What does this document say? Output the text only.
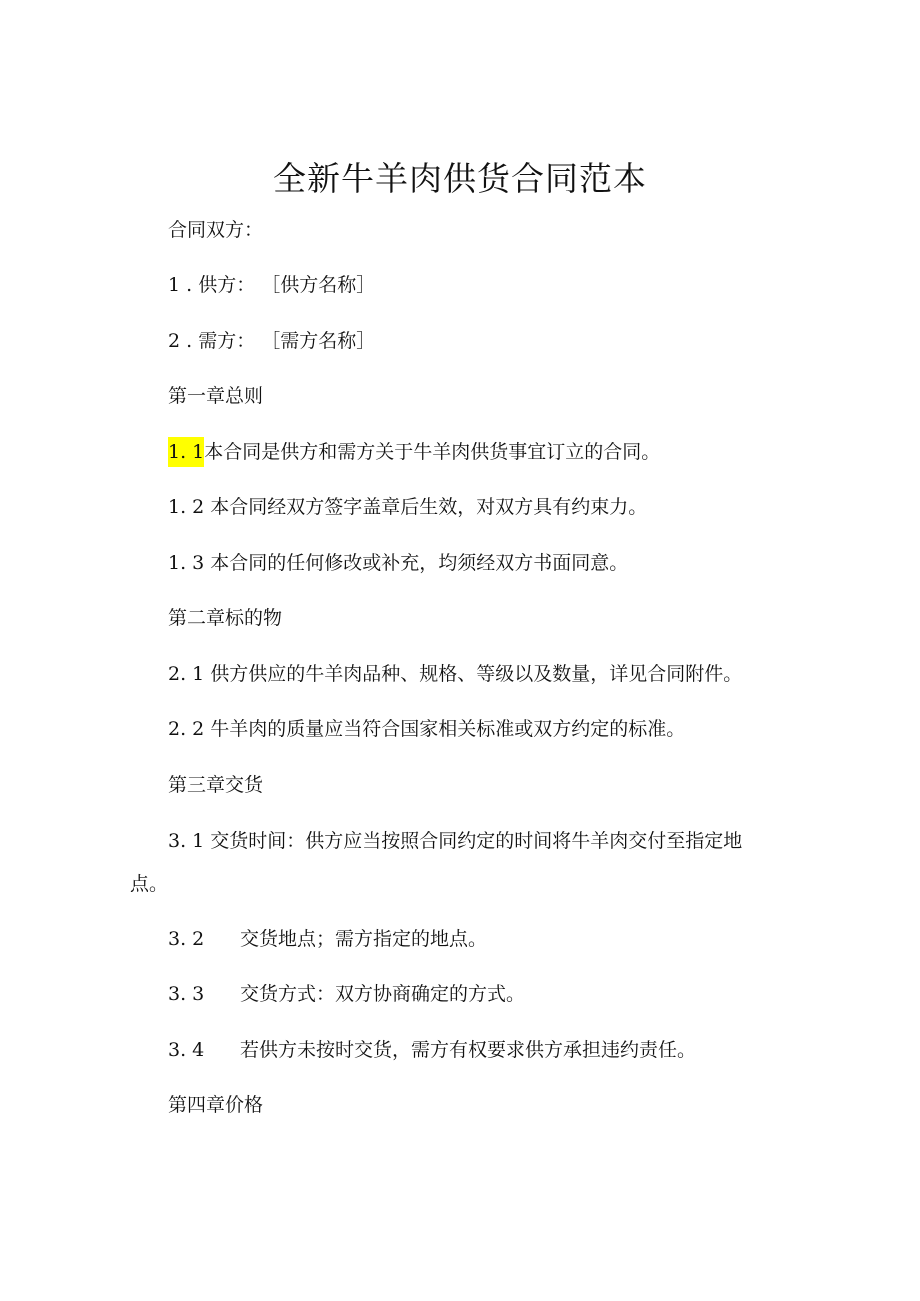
全新牛羊肉供货合同范本
合同双方：
1 . 供方： ［供方名称］
2 . 需方： ［需方名称］
第一章总则
1. 1本合同是供方和需方关于牛羊肉供货事宜订立的合同。
1. 2 本合同经双方签字盖章后生效，对双方具有约束力。
1. 3 本合同的任何修改或补充，均须经双方书面同意。
第二章标的物
2. 1 供方供应的牛羊肉品种、规格、等级以及数量，详见合同附件。
2. 2 牛羊肉的质量应当符合国家相关标准或双方约定的标准。
第三章交货
3. 1 交货时间：供方应当按照合同约定的时间将牛羊肉交付至指定地
点。
3. 2 交货地点；需方指定的地点。
3. 3 交货方式：双方协商确定的方式。
3. 4 若供方未按时交货，需方有权要求供方承担违约责任。
第四章价格
